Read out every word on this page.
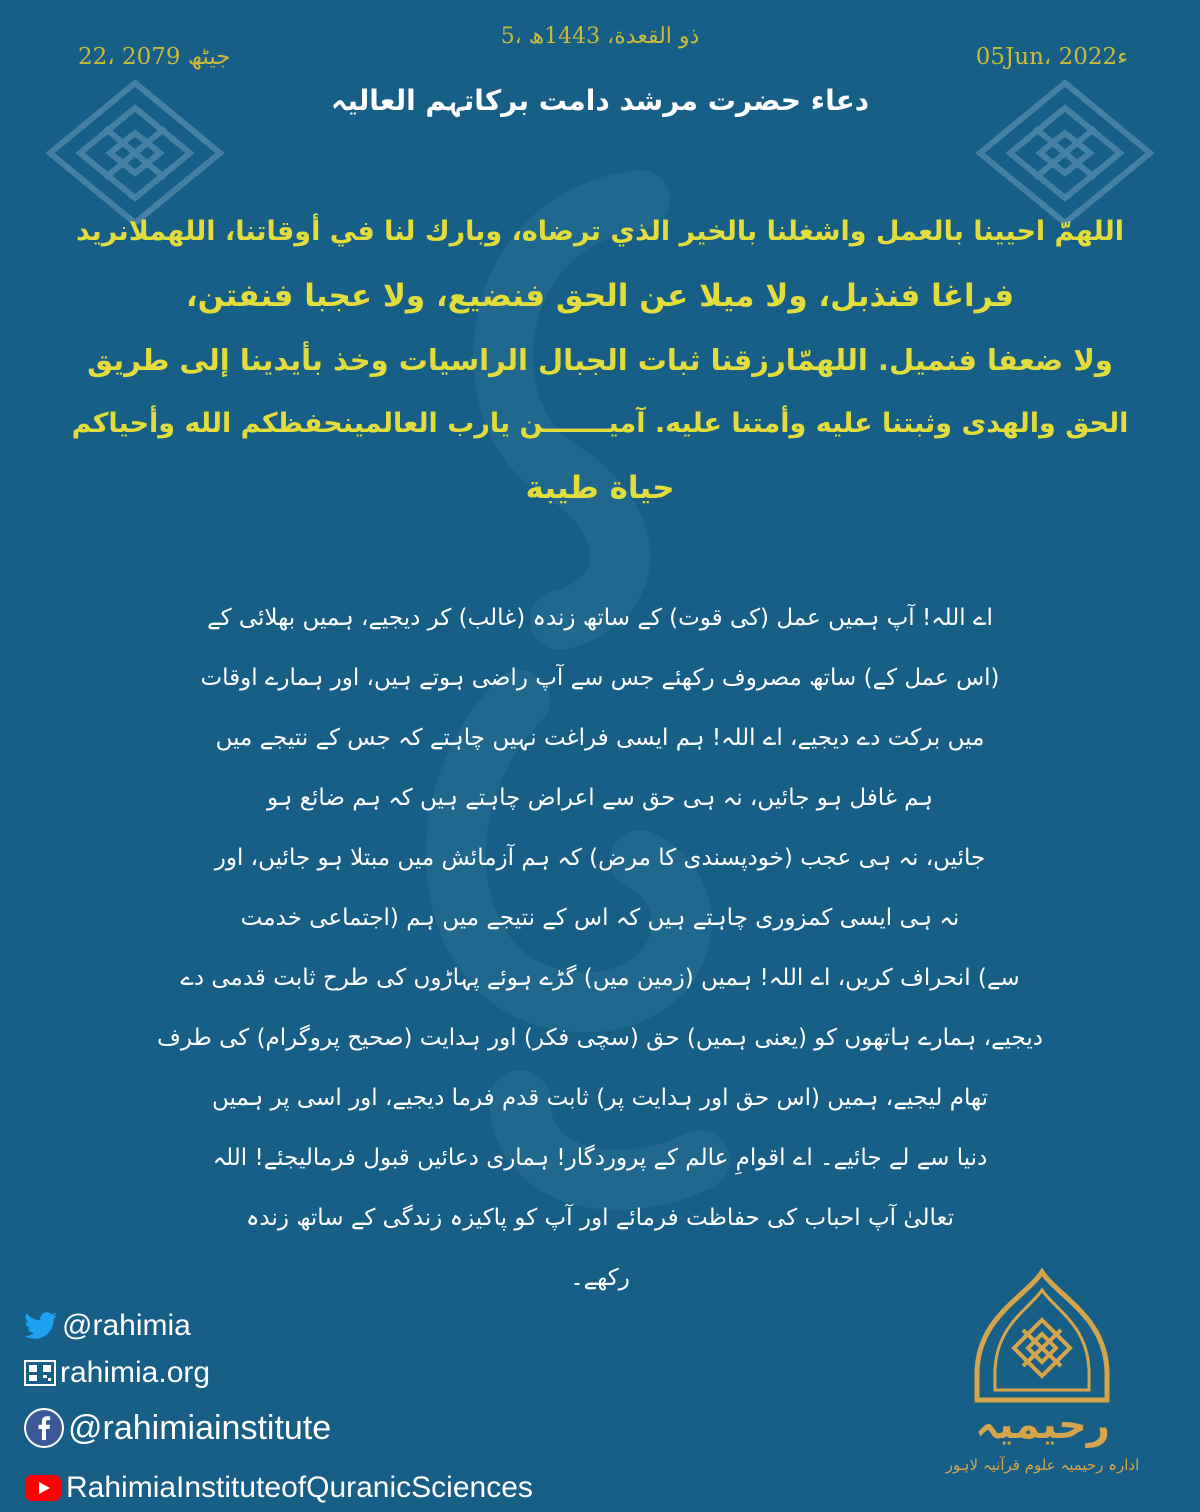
22، جیٹھ 2079
5، ذو القعدة، 1443ھ
05Jun، 2022ء
دعاء حضرت مرشد دامت برکاتہم العالیہ
اللهمّ احيينا بالعمل واشغلنا بالخير الذي ترضاه، وبارك لنا في أوقاتنا، اللهملانريد
فراغا فنذبل، ولا ميلا عن الحق فنضيع، ولا عجبا فنفتن،
ولا ضعفا فنميل. اللهمّارزقنا ثبات الجبال الراسيات وخذ بأيدينا إلى طريق
الحق والهدى وثبتنا عليه وأمتنا عليه. آميـــــــن يارب العالمينحفظكم الله وأحياكم
حياة طيبة
اے اللہ! آپ ہمیں عمل (کی قوت) کے ساتھ زندہ (غالب) کر دیجیے، ہمیں بھلائی کے
(اس عمل کے) ساتھ مصروف رکھئے جس سے آپ راضی ہوتے ہیں، اور ہمارے اوقات
میں برکت دے دیجیے، اے اللہ! ہم ایسی فراغت نہیں چاہتے کہ جس کے نتیجے میں
ہم غافل ہو جائیں، نہ ہی حق سے اعراض چاہتے ہیں کہ ہم ضائع ہو
جائیں، نہ ہی عجب (خودپسندی کا مرض) کہ ہم آزمائش میں مبتلا ہو جائیں، اور
نہ ہی ایسی کمزوری چاہتے ہیں کہ اس کے نتیجے میں ہم (اجتماعی خدمت
سے) انحراف کریں، اے اللہ! ہمیں (زمین میں) گڑے ہوئے پہاڑوں کی طرح ثابت قدمی دے
دیجیے، ہمارے ہاتھوں کو (یعنی ہمیں) حق (سچی فکر) اور ہدایت (صحیح پروگرام) کی طرف
تھام لیجیے، ہمیں (اس حق اور ہدایت پر) ثابت قدم فرما دیجیے، اور اسی پر ہمیں
دنیا سے لے جائیے۔ اے اقوامِ عالم کے پروردگار! ہماری دعائیں قبول فرمالیجئے! اللہ
تعالیٰ آپ احباب کی حفاظت فرمائے اور آپ کو پاکیزہ زندگی کے ساتھ زندہ
رکھے۔
@rahimia
rahimia.org
@rahimiainstitute
RahimiaInstituteofQuranicSciences
رحیمیہ
ادارہ رحیمیہ علوم قرآنیہ لاہور
